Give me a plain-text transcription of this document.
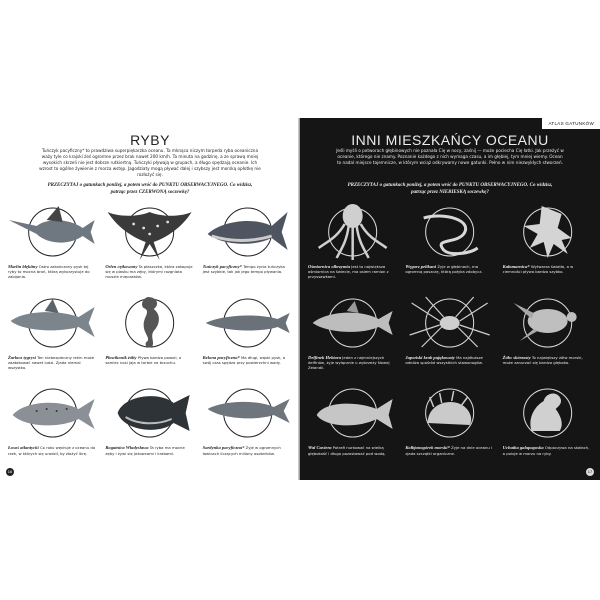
RYBY
Tuńczyk pacyficzny* to prawdziwa superpiękarzka oceanu. Ta mknąca niczym torpeda ryba oceaniczna waży tyle co krajski żeś ogromne przez brak nawet 200 km/h. Ta minuta na godzinę, a ze sprawą mniej wysokich skrzeli nie jest dobrze rutkiertną. Tuńczyki pływają w grupach, a długo spędzają oceanie. Ich wzrost to ogólne żywienie z morza wstęp. Jagodziaty mogą pływać dalej i szybszy jest morską opłotkę nie rozłożyć się.
PRZECZYTAJ o gatunkach poniżej, a potem wróć do PUNKTU OBSERWACYJNEGO. Co widzisz, patrząc przez CZERWONĄ soczewkę?
Marlin błękitny Ostro zakończony pysk tej ryby to mocna broń, którą wykorzystuje do zabijania.
Orlen cętkowany Ta płaszczka, która zakopuje się w piasku ma zęby, którymi rozgniata muszle mięczaków.
Tuńczyk pacyficzny* Tempo życia tuńczyka jest szybkie, tak jak jego tempo pływania.
Żarłacz tygrysi Ten niebezpieczny rekin może zaatakować nawet ludzi. Zjada niemal wszystko.
Pławikonik żółty Pływa bardzo powoli, a samiec nosi jaja w torbie na brzuchu.
Belona pacyficzna* Ma długi, wąski pysk, a swój czas spędza przy powierzchni wody.
Łosoś atlantycki Co roku wędruje z oceanu do rzek, w których się urodził, by złożyć ikrę.
Rogatnica Władysława Ta ryba ma mocne zęby i żywi się jeżowcami i krabami.
Sardynka pacyficzna* Żyje w ogromnych ławicach liczących miliony osobników.
16
ATLAS GATUNKÓW
INNI MIESZKAŃCY OCEANU
Jeśli myśli o potworach głębinowych nie poznała Cię w nocy, zaśnij — może pociecha Cię łatki. Jak przeżyć w oceanie, którego nie znamy. Poznanie każdego z nich wymaga czasu, a im głębiej, tym mniej wiemy. Ocean to nadal miejsce tajemnicze, w którym wciąż odkrywamy nowe gatunki. Pełno w nim niezwykłych stworzeń.
PRZECZYTAJ o gatunkach poniżej, a potem wróć do PUNKTU OBSERWACYJNEGO. Co widzisz, patrząc przez NIEBIESKĄ soczewkę?
Ośmiornica olbrzymia Jest to największa ośmiornica na świecie, ma osiem ramion z przyssawkami.
Węgorz pelikani Żyje w głębinach, ma ogromną paszczę, którą połyka zdobycz.
Kałamarnica* Wytwarza światło, a w ciemności pływa bardzo szybko.
Delfinek Hektora Jeden z najmniejszych delfinów, żyje wyłącznie u wybrzeży Nowej Zelandii.
Japoński krab pająkowaty Ma najdłuższe odnóża spośród wszystkich stawonogów.
Żółw skórzasty To największy żółw morski, może zanurzać się bardzo głęboko.
Wal Cuviera Potrafi nurkować na wielką głębokość i długo pozostawać pod wodą.
Kołbjanogórek morski* Żyje na dnie oceanu i zjada szczątki organiczne.
Uchatka galapagoska Odpoczywa na skałach, a poluje w morzu na ryby.
17
